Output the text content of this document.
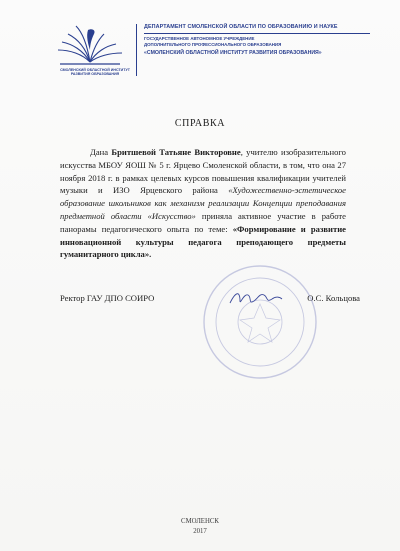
СМОЛЕНСКИЙ ОБЛАСТНОЙ ИНСТИТУТ РАЗВИТИЯ ОБРАЗОВАНИЯ
ДЕПАРТАМЕНТ СМОЛЕНСКОЙ ОБЛАСТИ ПО ОБРАЗОВАНИЮ И НАУКЕ
ГОСУДАРСТВЕННОЕ АВТОНОМНОЕ УЧРЕЖДЕНИЕ
ДОПОЛНИТЕЛЬНОГО ПРОФЕССИОНАЛЬНОГО ОБРАЗОВАНИЯ
«СМОЛЕНСКИЙ ОБЛАСТНОЙ ИНСТИТУТ РАЗВИТИЯ ОБРАЗОВАНИЯ»
СПРАВКА

Дана Бритшевой Татьяне Викторовне, учителю изобразительного искусства МБОУ ЯОШ № 5 г. Ярцево Смоленской области, в том, что она 27 ноября 2018 г. в рамках целевых курсов повышения квалификации учителей музыки и ИЗО Ярцевского района «Художественно-эстетическое образование школьников как механизм реализации Концепции преподавания предметной области «Искусство» приняла активное участие в работе панорамы педагогического опыта по теме: «Формирование и развитие инновационной культуры педагога преподающего предметы гуманитарного цикла».

Ректор ГАУ ДПО СОИРО	О.С. Кольцова
СМОЛЕНСК
2017
